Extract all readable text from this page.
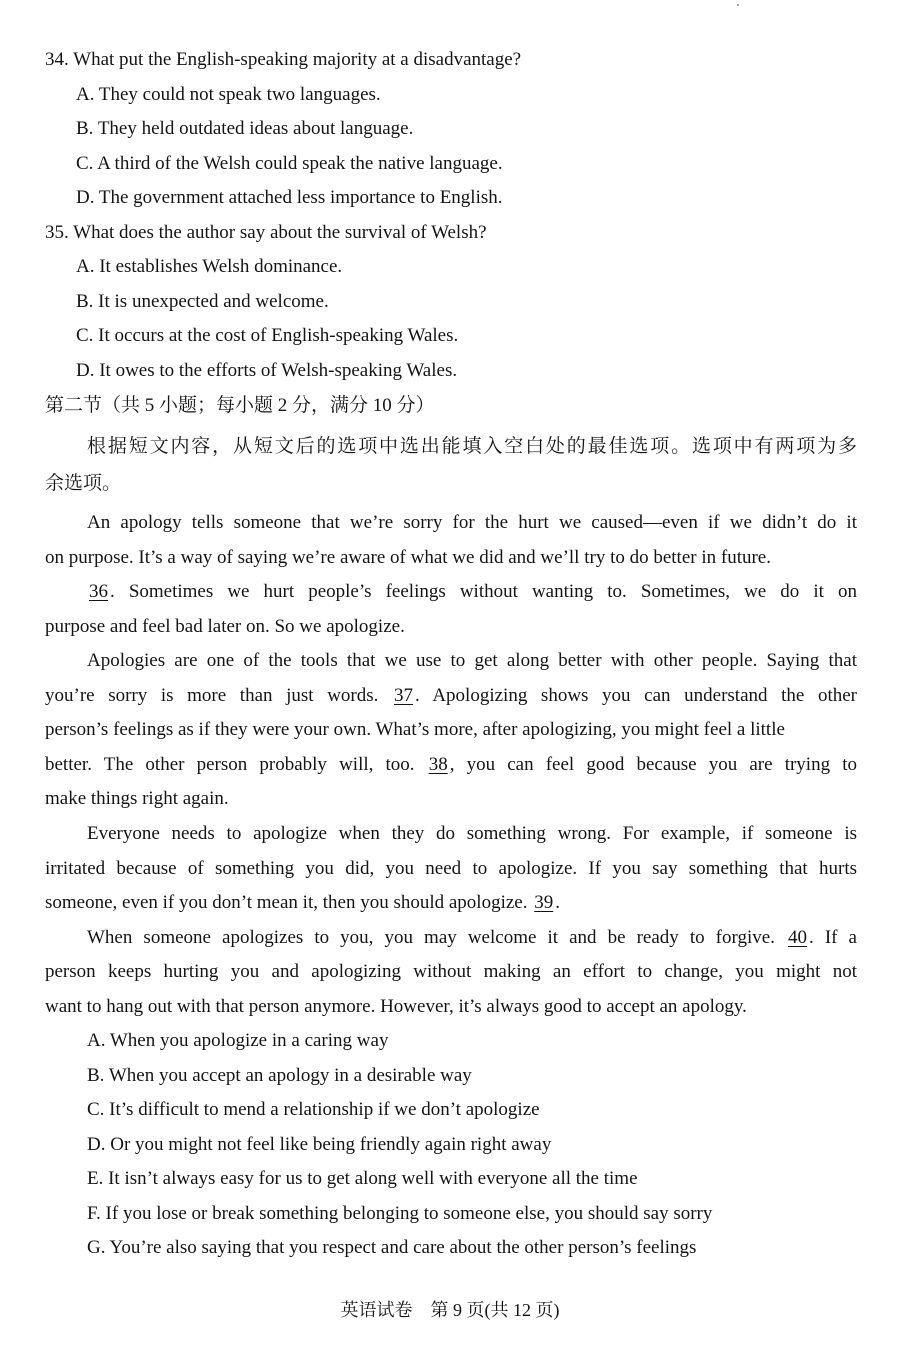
34. What put the English-speaking majority at a disadvantage?
A. They could not speak two languages.
B. They held outdated ideas about language.
C. A third of the Welsh could speak the native language.
D. The government attached less importance to English.
35. What does the author say about the survival of Welsh?
A. It establishes Welsh dominance.
B. It is unexpected and welcome.
C. It occurs at the cost of English-speaking Wales.
D. It owes to the efforts of Welsh-speaking Wales.
第二节（共 5 小题；每小题 2 分，满分 10 分）
根据短文内容，从短文后的选项中选出能填入空白处的最佳选项。选项中有两项为多
余选项。
An apology tells someone that we’re sorry for the hurt we caused—even if we didn’t do it
on purpose. It’s a way of saying we’re aware of what we did and we’ll try to do better in future.
36 . Sometimes we hurt people’s feelings without wanting to. Sometimes, we do it on
purpose and feel bad later on. So we apologize.
Apologies are one of the tools that we use to get along better with other people. Saying that
you’re sorry is more than just words. 37 . Apologizing shows you can understand the other
person’s feelings as if they were your own. What’s more, after apologizing, you might feel a little
better. The other person probably will, too. 38 , you can feel good because you are trying to
make things right again.
Everyone needs to apologize when they do something wrong. For example, if someone is
irritated because of something you did, you need to apologize. If you say something that hurts
someone, even if you don’t mean it, then you should apologize. 39 .
When someone apologizes to you, you may welcome it and be ready to forgive. 40 . If a
person keeps hurting you and apologizing without making an effort to change, you might not
want to hang out with that person anymore. However, it’s always good to accept an apology.
A. When you apologize in a caring way
B. When you accept an apology in a desirable way
C. It’s difficult to mend a relationship if we don’t apologize
D. Or you might not feel like being friendly again right away
E. It isn’t always easy for us to get along well with everyone all the time
F. If you lose or break something belonging to someone else, you should say sorry
G. You’re also saying that you respect and care about the other person’s feelings
英语试卷　第 9 页(共 12 页)
